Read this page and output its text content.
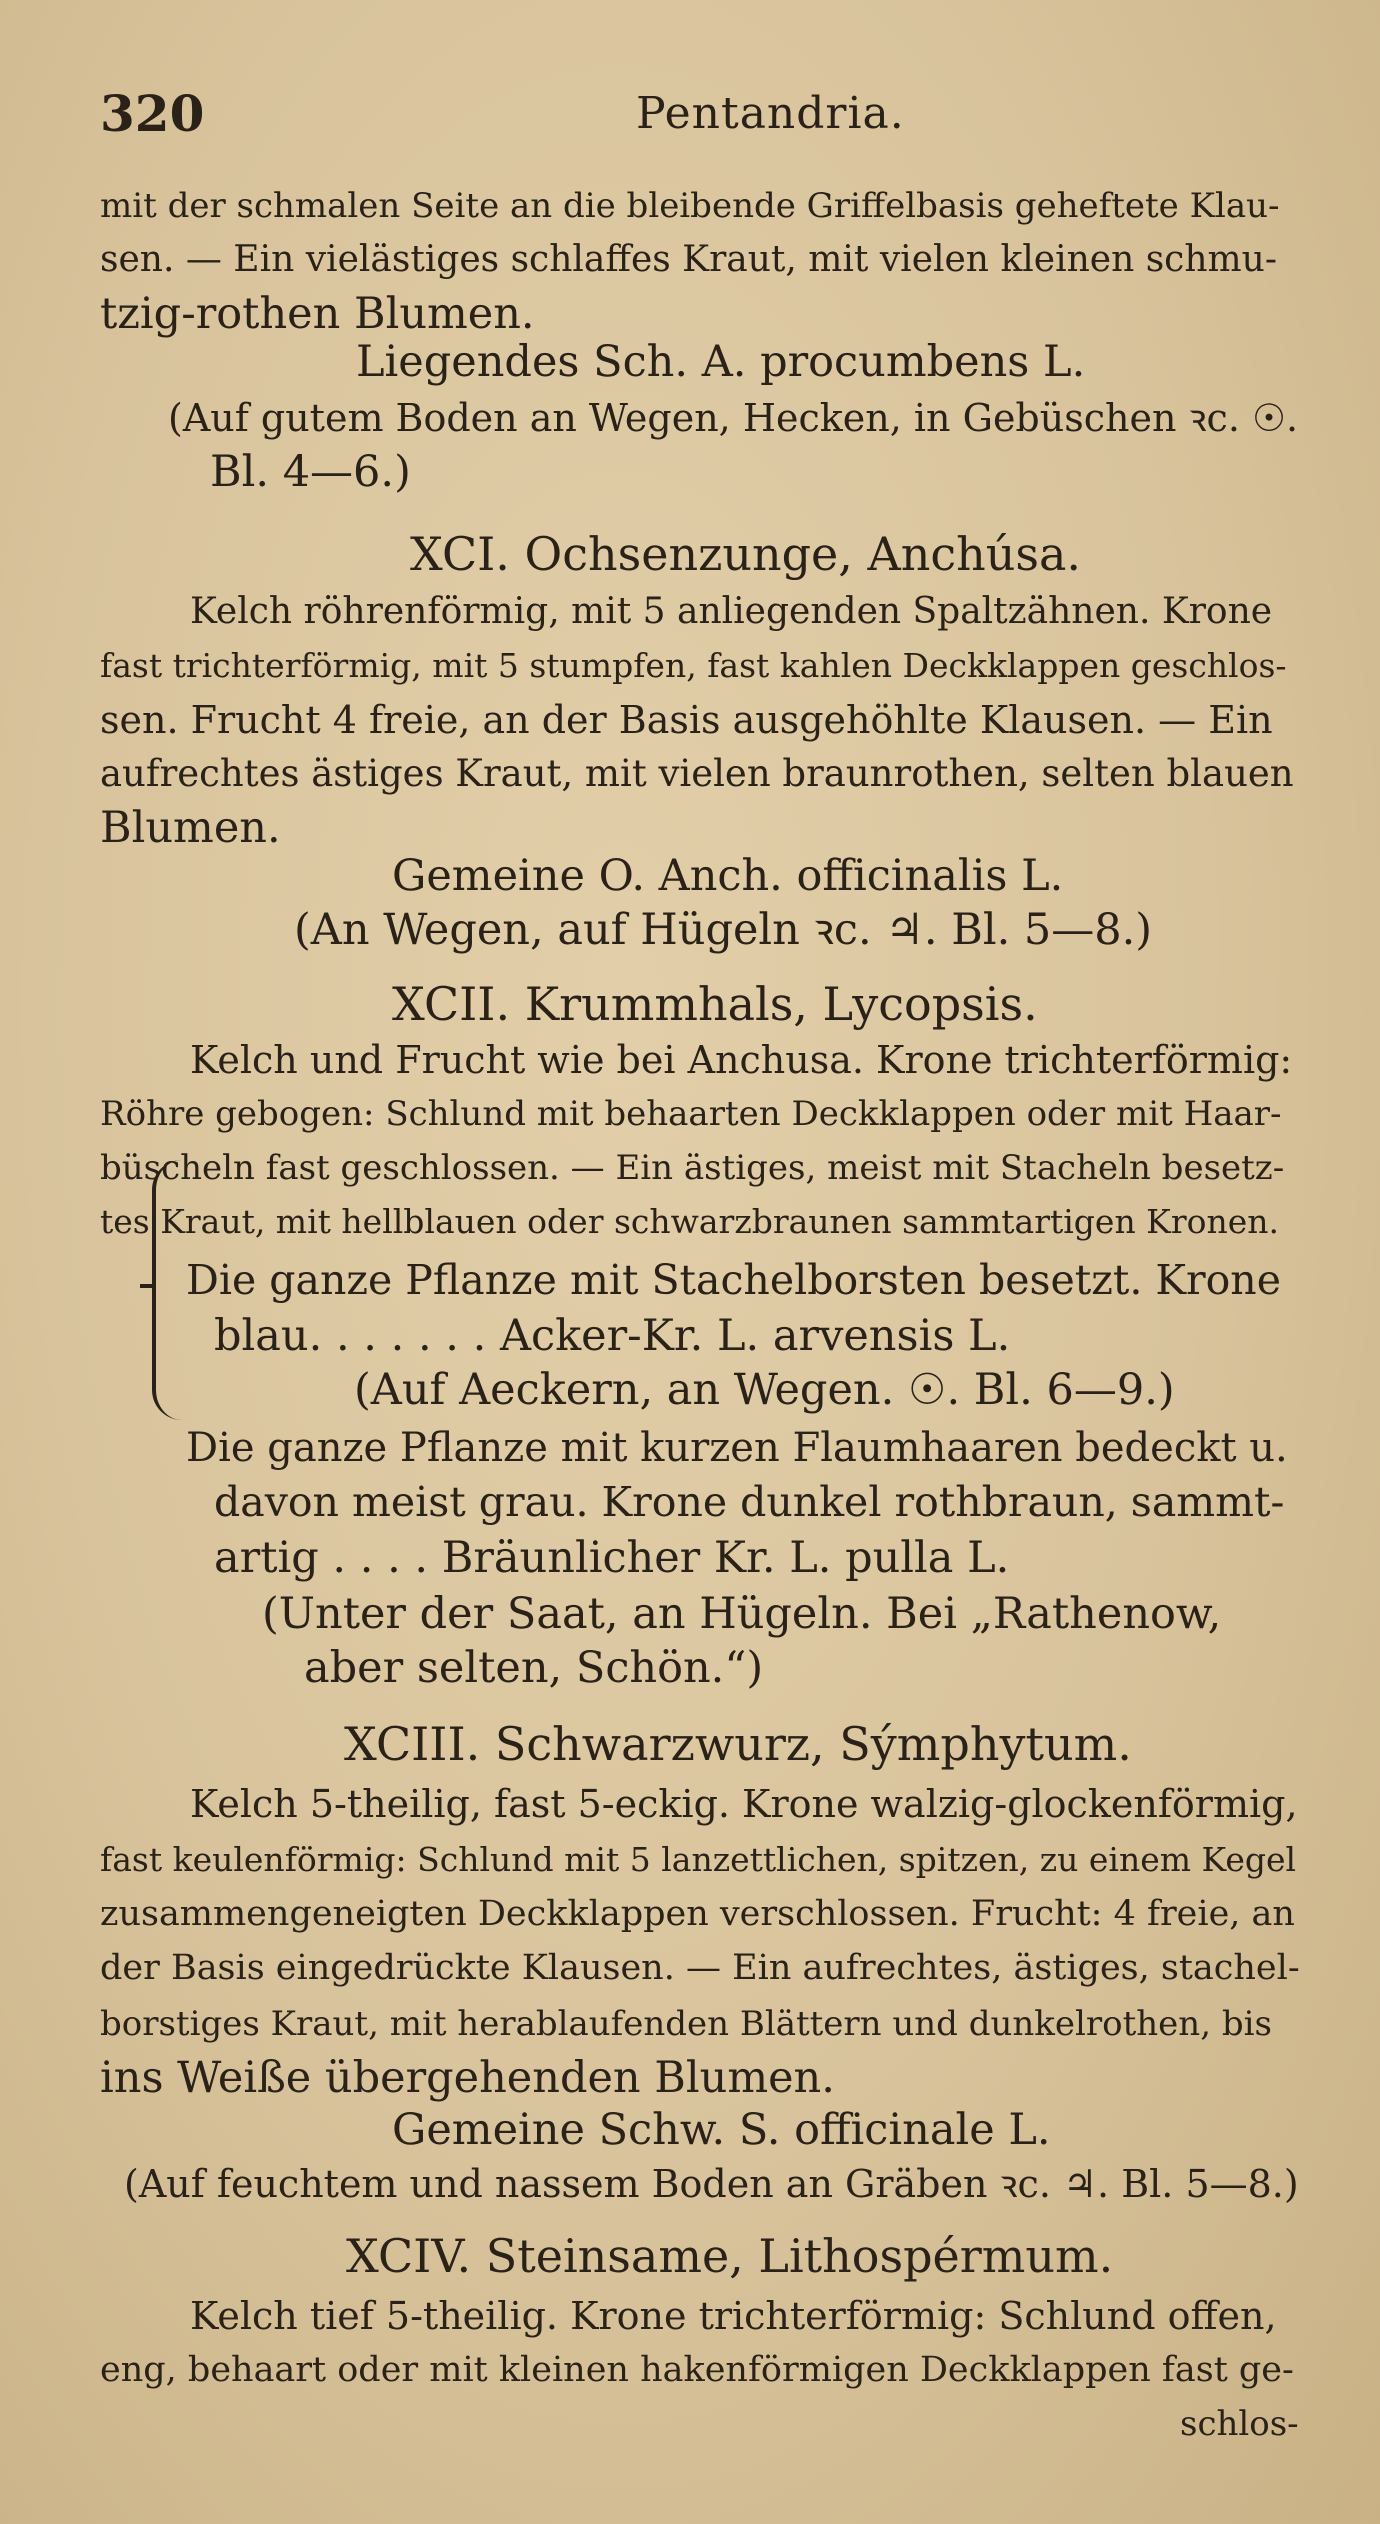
320	Pentandria.
mit der schmalen Seite an die bleibende Griffelbasis geheftete Klau-
sen. — Ein vielästiges schlaffes Kraut, mit vielen kleinen schmu-
tzig-rothen Blumen.
Liegendes Sch. A. procumbens L.
(Auf gutem Boden an Wegen, Hecken, in Gebüschen ꝛc. ☉.
Bl. 4—6.)
XCI. Ochsenzunge, Anchúsa.
Kelch röhrenförmig, mit 5 anliegenden Spaltzähnen. Krone
fast trichterförmig, mit 5 stumpfen, fast kahlen Deckklappen geschlos-
sen. Frucht 4 freie, an der Basis ausgehöhlte Klausen. — Ein
aufrechtes ästiges Kraut, mit vielen braunrothen, selten blauen
Blumen.
Gemeine O. Anch. officinalis L.
(An Wegen, auf Hügeln ꝛc. ♃. Bl. 5—8.)
XCII. Krummhals, Lycopsis.
Kelch und Frucht wie bei Anchusa. Krone trichterförmig:
Röhre gebogen: Schlund mit behaarten Deckklappen oder mit Haar-
büscheln fast geschlossen. — Ein ästiges, meist mit Stacheln besetz-
tes Kraut, mit hellblauen oder schwarzbraunen sammtartigen Kronen.
Die ganze Pflanze mit Stachelborsten besetzt. Krone
blau. . . . . . . Acker-Kr. L. arvensis L.
(Auf Aeckern, an Wegen. ☉. Bl. 6—9.)
Die ganze Pflanze mit kurzen Flaumhaaren bedeckt u.
davon meist grau. Krone dunkel rothbraun, sammt-
artig . . . . Bräunlicher Kr. L. pulla L.
(Unter der Saat, an Hügeln. Bei „Rathenow,
aber selten, Schön.“)
XCIII. Schwarzwurz, Sýmphytum.
Kelch 5-theilig, fast 5-eckig. Krone walzig-glockenförmig,
fast keulenförmig: Schlund mit 5 lanzettlichen, spitzen, zu einem Kegel
zusammengeneigten Deckklappen verschlossen. Frucht: 4 freie, an
der Basis eingedrückte Klausen. — Ein aufrechtes, ästiges, stachel-
borstiges Kraut, mit herablaufenden Blättern und dunkelrothen, bis
ins Weiße übergehenden Blumen.
Gemeine Schw. S. officinale L.
(Auf feuchtem und nassem Boden an Gräben ꝛc. ♃. Bl. 5—8.)
XCIV. Steinsame, Lithospérmum.
Kelch tief 5-theilig. Krone trichterförmig: Schlund offen,
eng, behaart oder mit kleinen hakenförmigen Deckklappen fast ge-
schlos-
